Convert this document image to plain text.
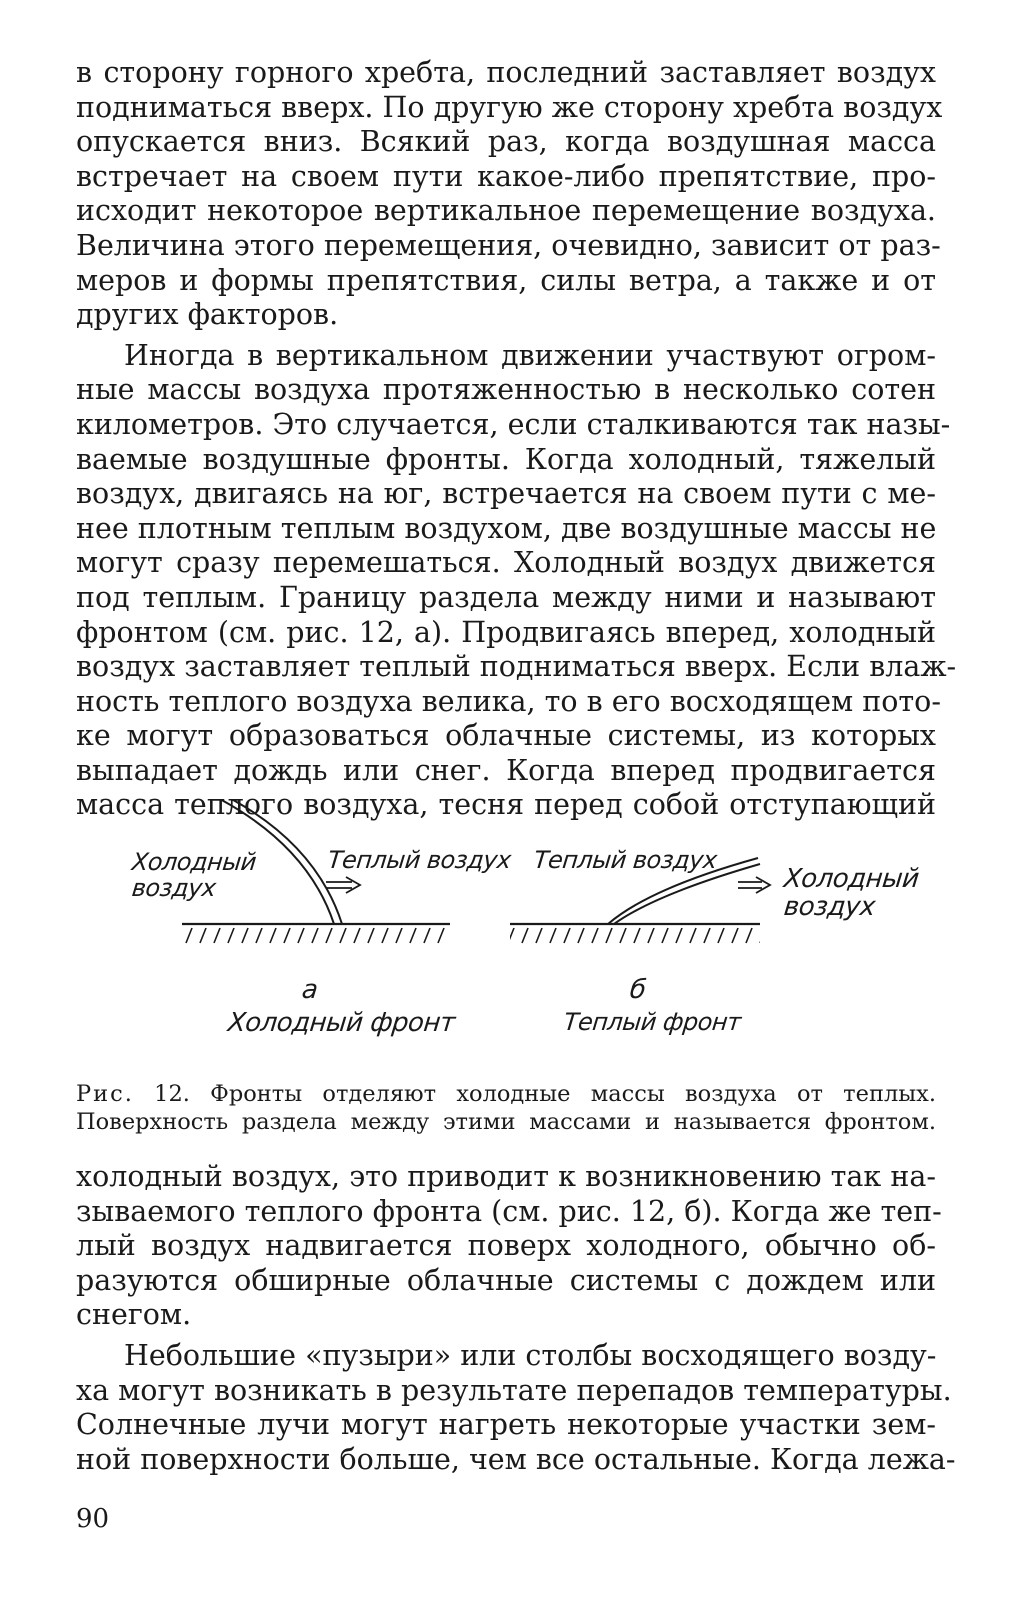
в сторону горного хребта, последний заставляет воздух
подниматься вверх. По другую же сторону хребта воздух
опускается вниз. Всякий раз, когда воздушная масса
встречает на своем пути какое-либо препятствие, про-
исходит некоторое вертикальное перемещение воздуха.
Величина этого перемещения, очевидно, зависит от раз-
меров и формы препятствия, силы ветра, а также и от
других факторов.

Иногда в вертикальном движении участвуют огром-
ные массы воздуха протяженностью в несколько сотен
километров. Это случается, если сталкиваются так назы-
ваемые воздушные фронты. Когда холодный, тяжелый
воздух, двигаясь на юг, встречается на своем пути с ме-
нее плотным теплым воздухом, две воздушные массы не
могут сразу перемешаться. Холодный воздух движется
под теплым. Границу раздела между ними и называют
фронтом (см. рис. 12, а). Продвигаясь вперед, холодный
воздух заставляет теплый подниматься вверх. Если влаж-
ность теплого воздуха велика, то в его восходящем пото-
ке могут образоваться облачные системы, из которых
выпадает дождь или снег. Когда вперед продвигается
масса теплого воздуха, тесня перед собой отступающий

Холодный
воздух
Теплый воздух
а
Холодный фронт
Теплый воздух
Холодный
воздух
б
Теплый фронт
Рис. 12. Фронты отделяют холодные массы воздуха от теплых.
Поверхность раздела между этими массами и называется фронтом.

холодный воздух, это приводит к возникновению так на-
зываемого теплого фронта (см. рис. 12, б). Когда же теп-
лый воздух надвигается поверх холодного, обычно об-
разуются обширные облачные системы с дождем или
снегом.

Небольшие «пузыри» или столбы восходящего возду-
ха могут возникать в результате перепадов температуры.
Солнечные лучи могут нагреть некоторые участки зем-
ной поверхности больше, чем все остальные. Когда лежа-

90
